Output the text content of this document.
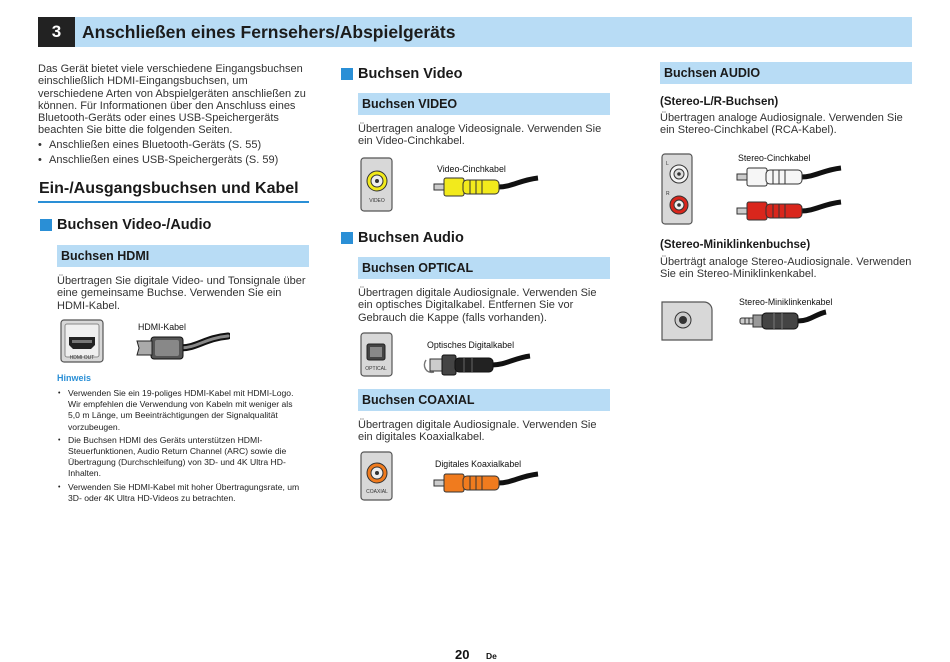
3	Anschließen eines Fernsehers/Abspielgeräts
Das Gerät bietet viele verschiedene Eingangsbuchsen
einschließlich HDMI-Eingangsbuchsen, um
verschiedene Arten von Abspielgeräten anschließen zu
können. Für Informationen über den Anschluss eines
Bluetooth-Geräts oder eines USB-Speichergeräts
beachten Sie bitte die folgenden Seiten.
• Anschließen eines Bluetooth-Geräts (S. 55)
• Anschließen eines USB-Speichergeräts (S. 59)
Ein-/Ausgangsbuchsen und Kabel
Buchsen Video-/Audio
Buchsen HDMI
Übertragen Sie digitale Video- und Tonsignale über
eine gemeinsame Buchse. Verwenden Sie ein
HDMI-Kabel.
HDMI OUT
HDMI-Kabel
Hinweis
• Verwenden Sie ein 19-poliges HDMI-Kabel mit HDMI-Logo.
Wir empfehlen die Verwendung von Kabeln mit weniger als
5,0 m Länge, um Beeinträchtigungen der Signalqualität
vorzubeugen.
• Die Buchsen HDMI des Geräts unterstützen HDMI-
Steuerfunktionen, Audio Return Channel (ARC) sowie die
Übertragung (Durchschleifung) von 3D- und 4K Ultra HD-
Inhalten.
• Verwenden Sie HDMI-Kabel mit hoher Übertragungsrate, um
3D- oder 4K Ultra HD-Videos zu betrachten.
Buchsen Video
Buchsen VIDEO
Übertragen analoge Videosignale. Verwenden Sie
ein Video-Cinchkabel.
VIDEO
Video-Cinchkabel
Buchsen Audio
Buchsen OPTICAL
Übertragen digitale Audiosignale. Verwenden Sie
ein optisches Digitalkabel. Entfernen Sie vor
Gebrauch die Kappe (falls vorhanden).
OPTICAL
Optisches Digitalkabel
Buchsen COAXIAL
Übertragen digitale Audiosignale. Verwenden Sie
ein digitales Koaxialkabel.
COAXIAL
Digitales Koaxialkabel
Buchsen AUDIO
(Stereo-L/R-Buchsen)
Übertragen analoge Audiosignale. Verwenden Sie
ein Stereo-Cinchkabel (RCA-Kabel).
L
R
Stereo-Cinchkabel
(Stereo-Miniklinkenbuchse)
Überträgt analoge Stereo-Audiosignale. Verwenden
Sie ein Stereo-Miniklinkenkabel.
Stereo-Miniklinkenkabel
20 De
